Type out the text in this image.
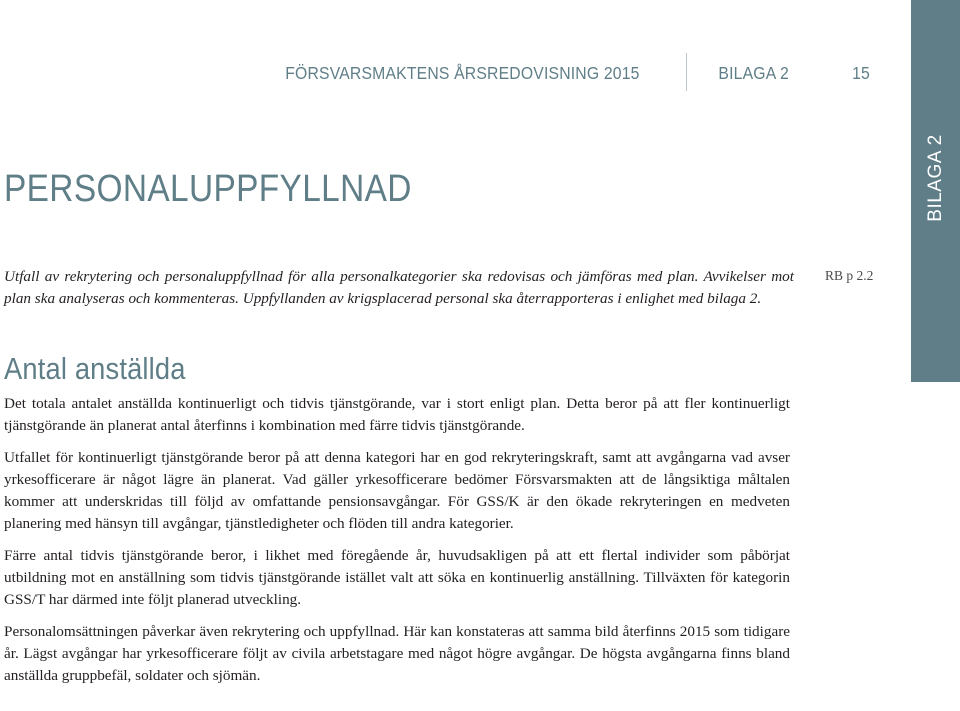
FÖRSVARSMAKTENS ÅRSREDOVISNING 2015	BILAGA 2	15
BILAGA 2
PERSONALUPPFYLLNAD

Utfall av rekrytering och personaluppfyllnad för alla personalkategorier ska redovisas och jämföras med plan. Avvikelser mot plan ska analyseras och kommenteras. Uppfyllanden av krigsplacerad personal ska återrapporteras i enlighet med bilaga 2.

RB p 2.2

Antal anställda

Det totala antalet anställda kontinuerligt och tidvis tjänstgörande, var i stort enligt plan. Detta beror på att fler kontinuerligt tjänstgörande än planerat antal återfinns i kombination med färre tidvis tjänstgörande.

Utfallet för kontinuerligt tjänstgörande beror på att denna kategori har en god rekryteringskraft, samt att avgångarna vad avser yrkesofficerare är något lägre än planerat. Vad gäller yrkesofficerare bedömer Försvarsmakten att de långsiktiga måltalen kommer att underskridas till följd av omfattande pensionsavgångar. För GSS/K är den ökade rekryteringen en medveten planering med hänsyn till avgångar, tjänstledigheter och flöden till andra kategorier.

Färre antal tidvis tjänstgörande beror, i likhet med föregående år, huvudsakligen på att ett flertal individer som påbörjat utbildning mot en anställning som tidvis tjänstgörande istället valt att söka en kontinuerlig anställning. Tillväxten för kategorin GSS/T har därmed inte följt planerad utveckling.

Personalomsättningen påverkar även rekrytering och uppfyllnad. Här kan konstateras att samma bild återfinns 2015 som tidigare år. Lägst avgångar har yrkesofficerare följt av civila arbetstagare med något högre avgångar. De högsta avgångarna finns bland anställda gruppbefäl, soldater och sjömän.
